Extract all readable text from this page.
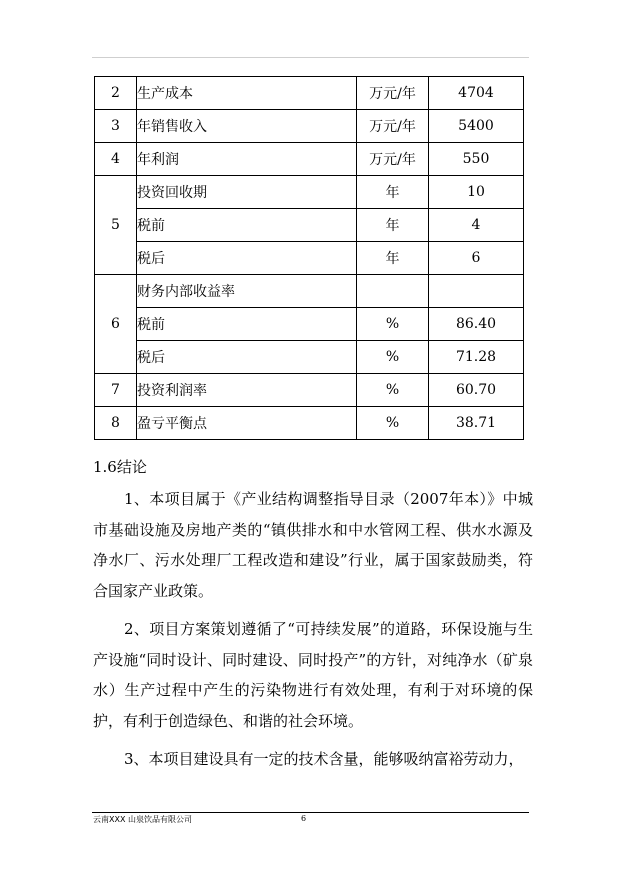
2	生产成本	万元/年	4704
3	年销售收入	万元/年	5400
4	年利润	万元/年	550
5	投资回收期	年	10
	税前	年	4
	税后	年	6
6	财务内部收益率		
	税前	%	86.40
	税后	%	71.28
7	投资利润率	%	60.70
8	盈亏平衡点	%	38.71
1.6结论

1、本项目属于《产业结构调整指导目录（2007年本）》中城市基础设施及房地产类的“镇供排水和中水管网工程、供水水源及净水厂、污水处理厂工程改造和建设”行业，属于国家鼓励类，符合国家产业政策。

2、项目方案策划遵循了“可持续发展”的道路，环保设施与生产设施“同时设计、同时建设、同时投产”的方针，对纯净水（矿泉水）生产过程中产生的污染物进行有效处理，有利于对环境的保护，有利于创造绿色、和谐的社会环境。

3、本项目建设具有一定的技术含量，能够吸纳富裕劳动力，

云南XXX 山泉饮品有限公司	6
